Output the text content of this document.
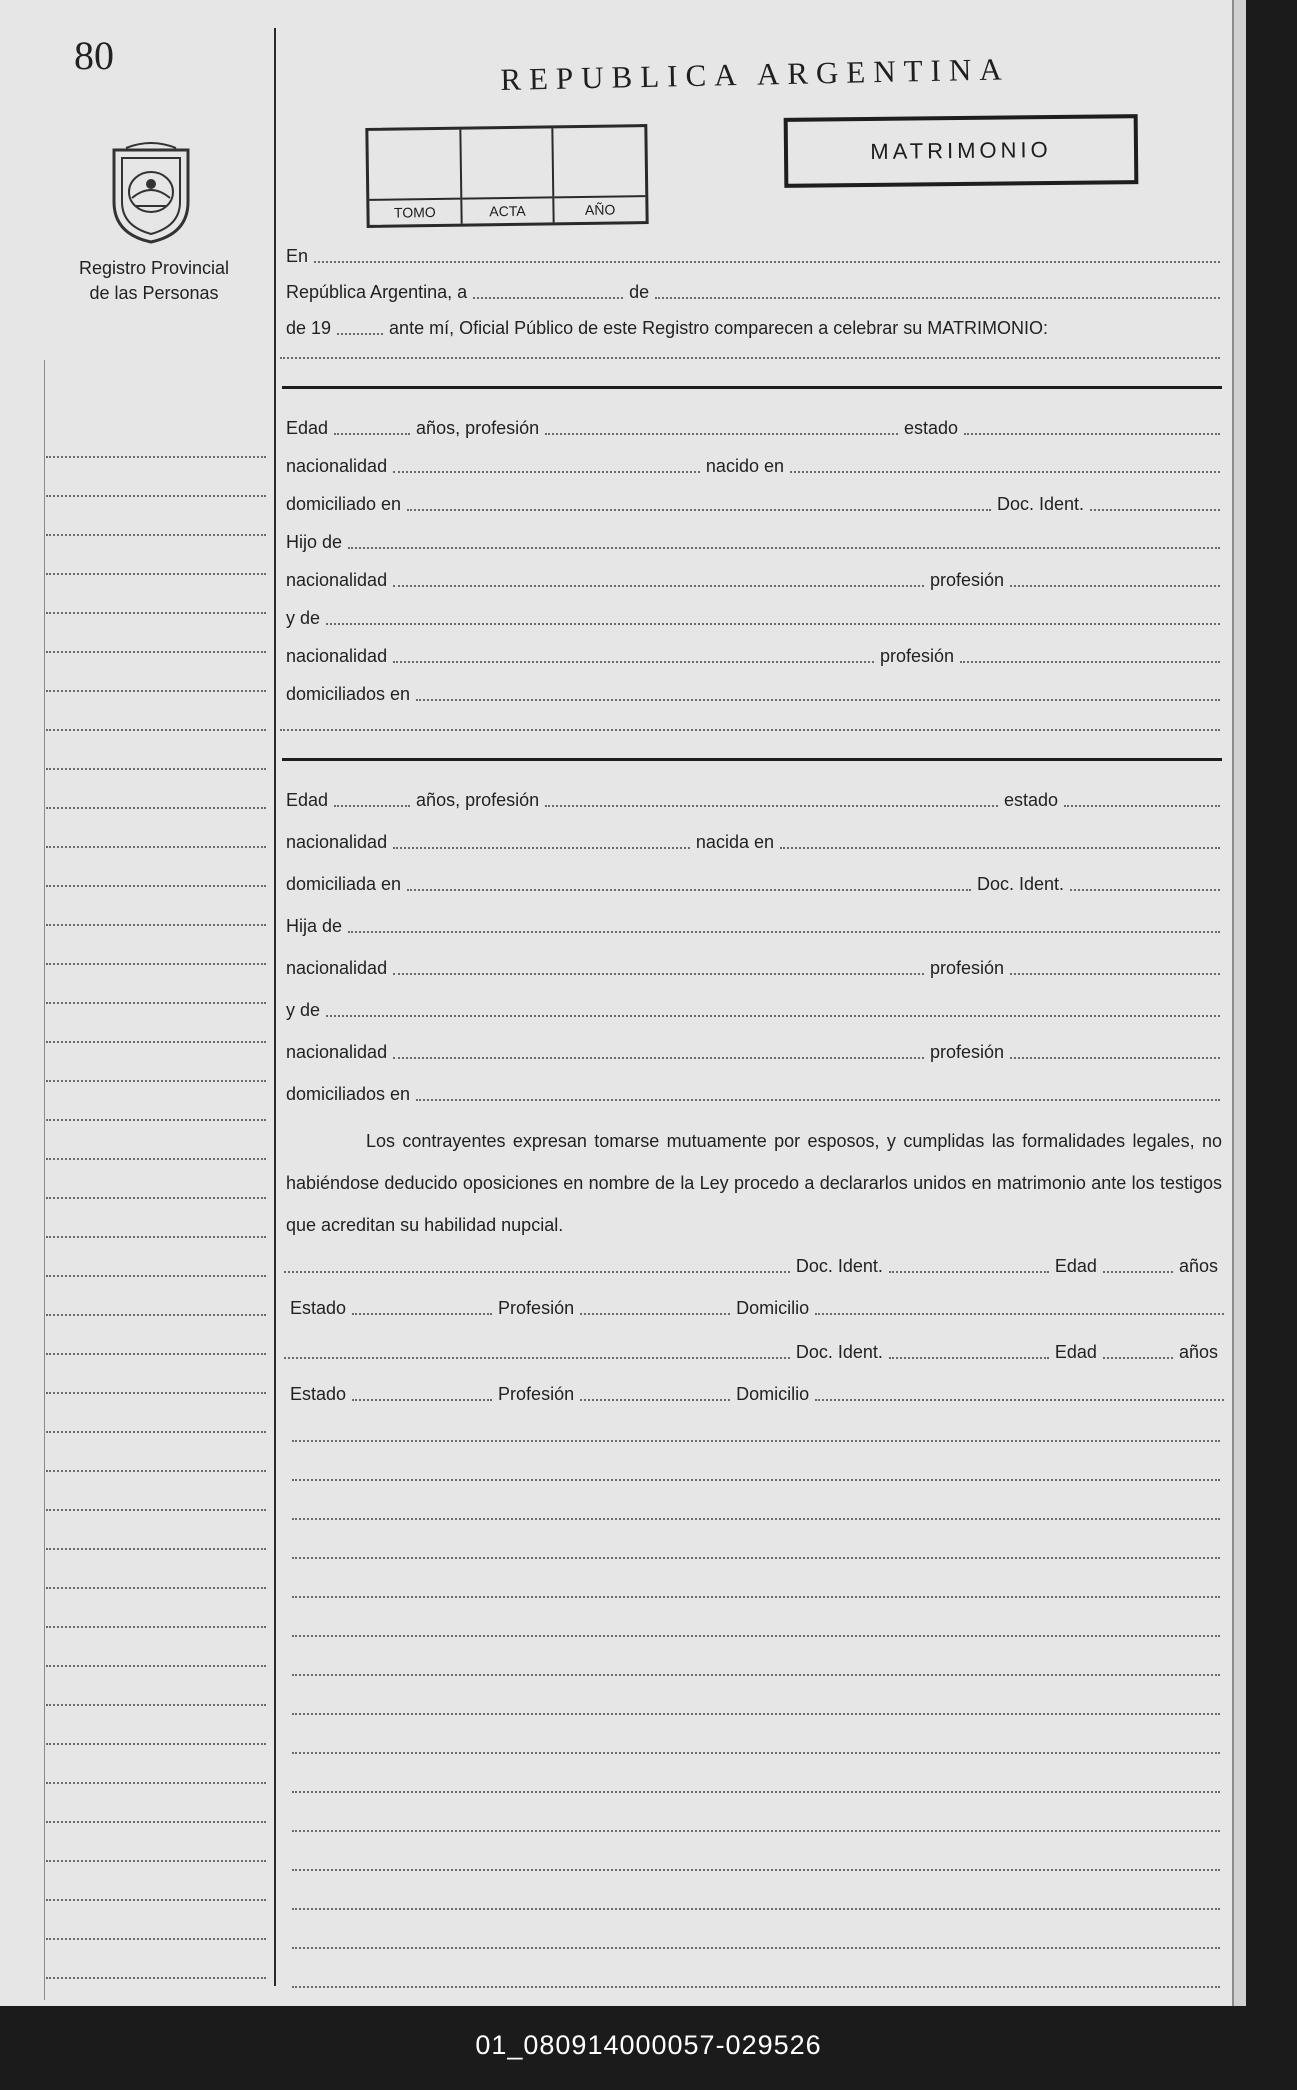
80
Registro Provincial
de las Personas
REPUBLICA ARGENTINA
TOMO	ACTA	AÑO
MATRIMONIO
En
República Argentina, a	de
de 19	ante mí, Oficial Público de este Registro comparecen a celebrar su MATRIMONIO:
Edad	años, profesión	estado
nacionalidad	nacido en
domiciliado en	Doc. Ident.
Hijo de
nacionalidad	profesión
y de
nacionalidad	profesión
domiciliados en
Edad	años, profesión	estado
nacionalidad	nacida en
domiciliada en	Doc. Ident.
Hija de
nacionalidad	profesión
y de
nacionalidad	profesión
domiciliados en
Los contrayentes expresan tomarse mutuamente por esposos, y cumplidas las formalidades legales, no habiéndose deducido oposiciones en nombre de la Ley procedo a declararlos unidos en matrimonio ante los testigos que acreditan su habilidad nupcial.
Doc. Ident.	Edad	años
Estado	Profesión	Domicilio
Doc. Ident.	Edad	años
Estado	Profesión	Domicilio
01_080914000057-029526
